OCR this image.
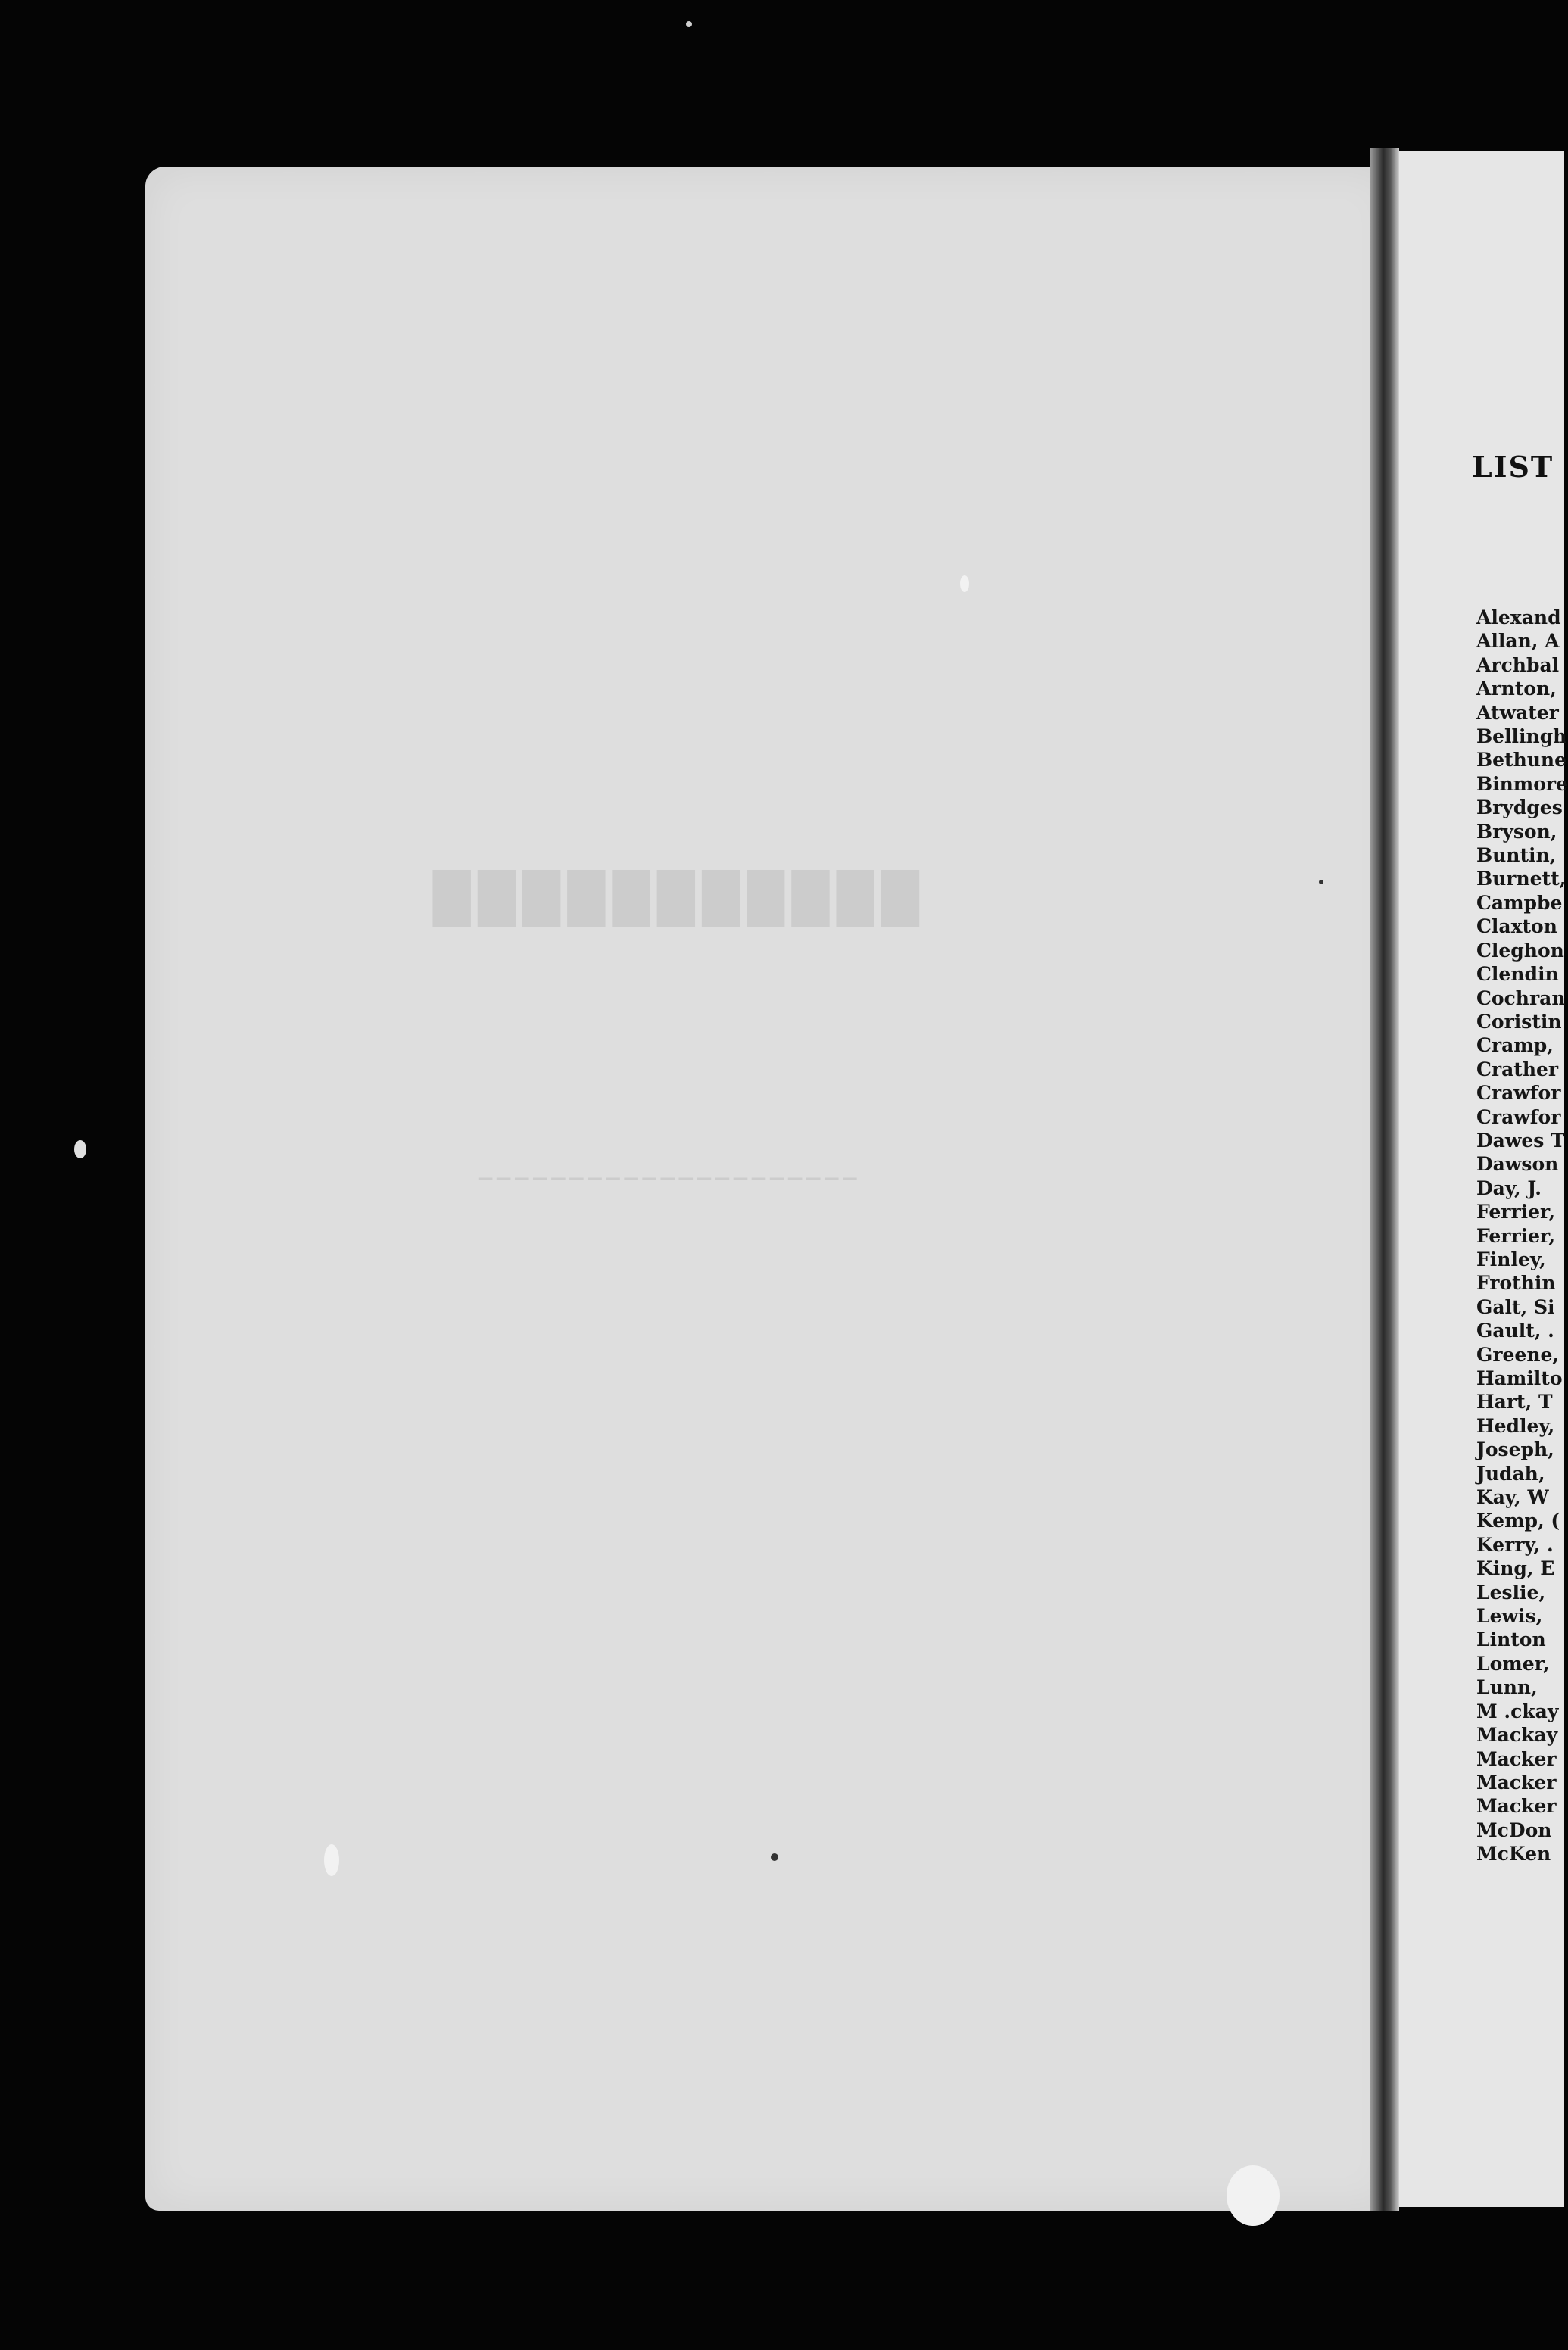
███████████
─────────────────────
LIST
Alexand
Allan, A
Archbal
Arnton,
Atwater
Bellingh
Bethune
Binmore
Brydges
Bryson,
Buntin,
Burnett,
Campbe
Claxton
Cleghon
Clendin
Cochran
Coristin
Cramp,
Crather
Crawfor
Crawfor
Dawes T
Dawson
Day, J.
Ferrier,
Ferrier,
Finley,
Frothin
Galt, Si
Gault, .
Greene,
Hamilto
Hart, T
Hedley,
Joseph,
Judah,
Kay, W
Kemp, (
Kerry, .
King, E
Leslie,
Lewis,
Linton
Lomer,
Lunn,
M .ckay
Mackay
Macker
Macker
Macker
McDon
McKen
